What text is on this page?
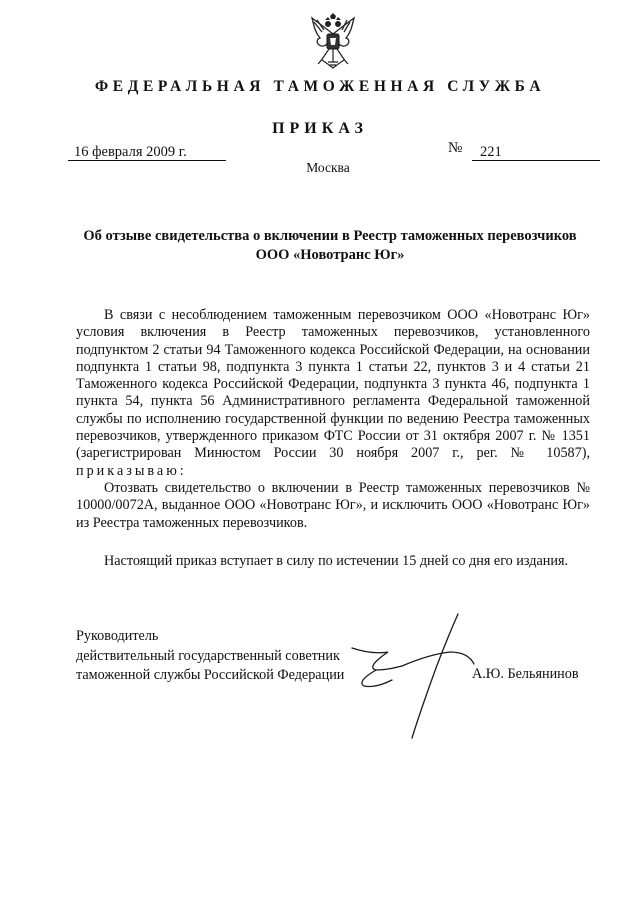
ФЕДЕРАЛЬНАЯ ТАМОЖЕННАЯ СЛУЖБА
ПРИКАЗ
16 февраля 2009 г.	№	221
Москва
Об отзыве свидетельства о включении в Реестр таможенных перевозчиков
ООО «Новотранс Юг»

В связи с несоблюдением таможенным перевозчиком ООО «Новотранс Юг» условия включения в Реестр таможенных перевозчиков, установленного подпунктом 2 статьи 94 Таможенного кодекса Российской Федерации, на основании подпункта 1 статьи 98, подпункта 3 пункта 1 статьи 22, пунктов 3 и 4 статьи 21 Таможенного кодекса Российской Федерации, подпункта 3 пункта 46, подпункта 1 пункта 54, пункта 56 Административного регламента Федеральной таможенной службы по исполнению государственной функции по ведению Реестра таможенных перевозчиков, утвержденного приказом ФТС России от 31 октября 2007 г. № 1351 (зарегистрирован Минюстом России 30 ноября 2007 г., рег. № 10587), приказываю:

Отозвать свидетельство о включении в Реестр таможенных перевозчиков № 10000/0072А, выданное ООО «Новотранс Юг», и исключить ООО «Новотранс Юг» из Реестра таможенных перевозчиков.

Настоящий приказ вступает в силу по истечении 15 дней со дня его издания.

Руководитель
действительный государственный советник
таможенной службы Российской Федерации	А.Ю. Бельянинов
